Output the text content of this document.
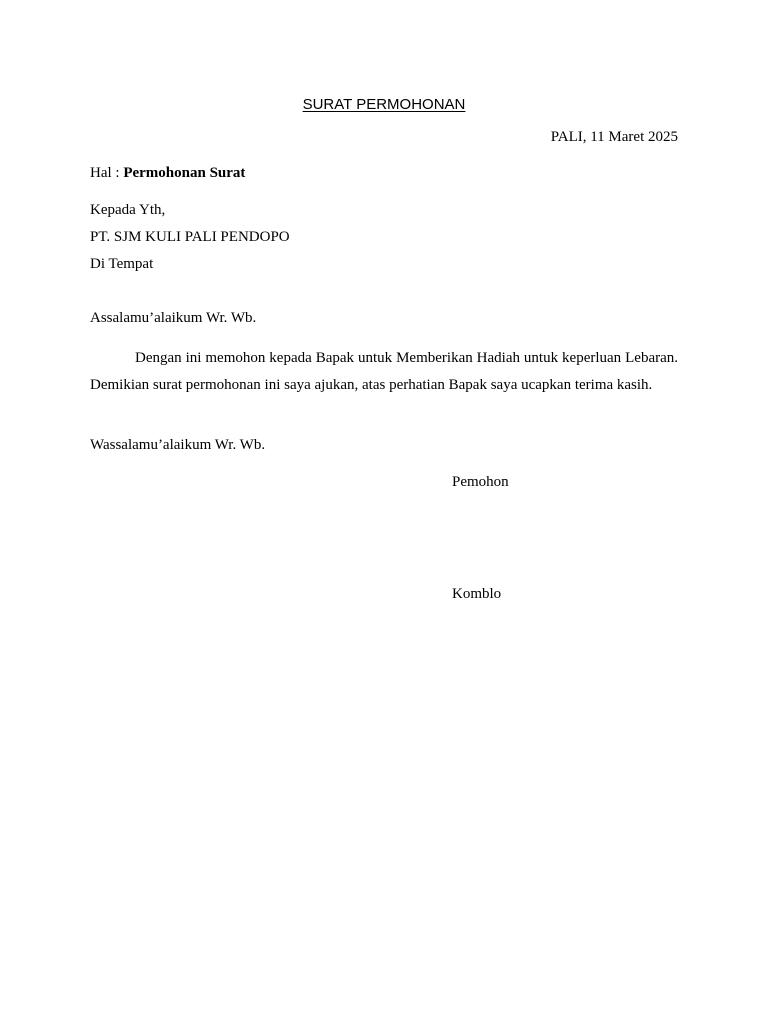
SURAT PERMOHONAN
PALI, 11 Maret 2025
Hal : Permohonan Surat
Kepada Yth,
PT. SJM KULI PALI PENDOPO
Di Tempat
Assalamu’alaikum Wr. Wb.
Dengan ini memohon kepada Bapak untuk Memberikan Hadiah untuk keperluan Lebaran. Demikian surat permohonan ini saya ajukan, atas perhatian Bapak saya ucapkan terima kasih.
Wassalamu’alaikum Wr. Wb.
Pemohon
Komblo
